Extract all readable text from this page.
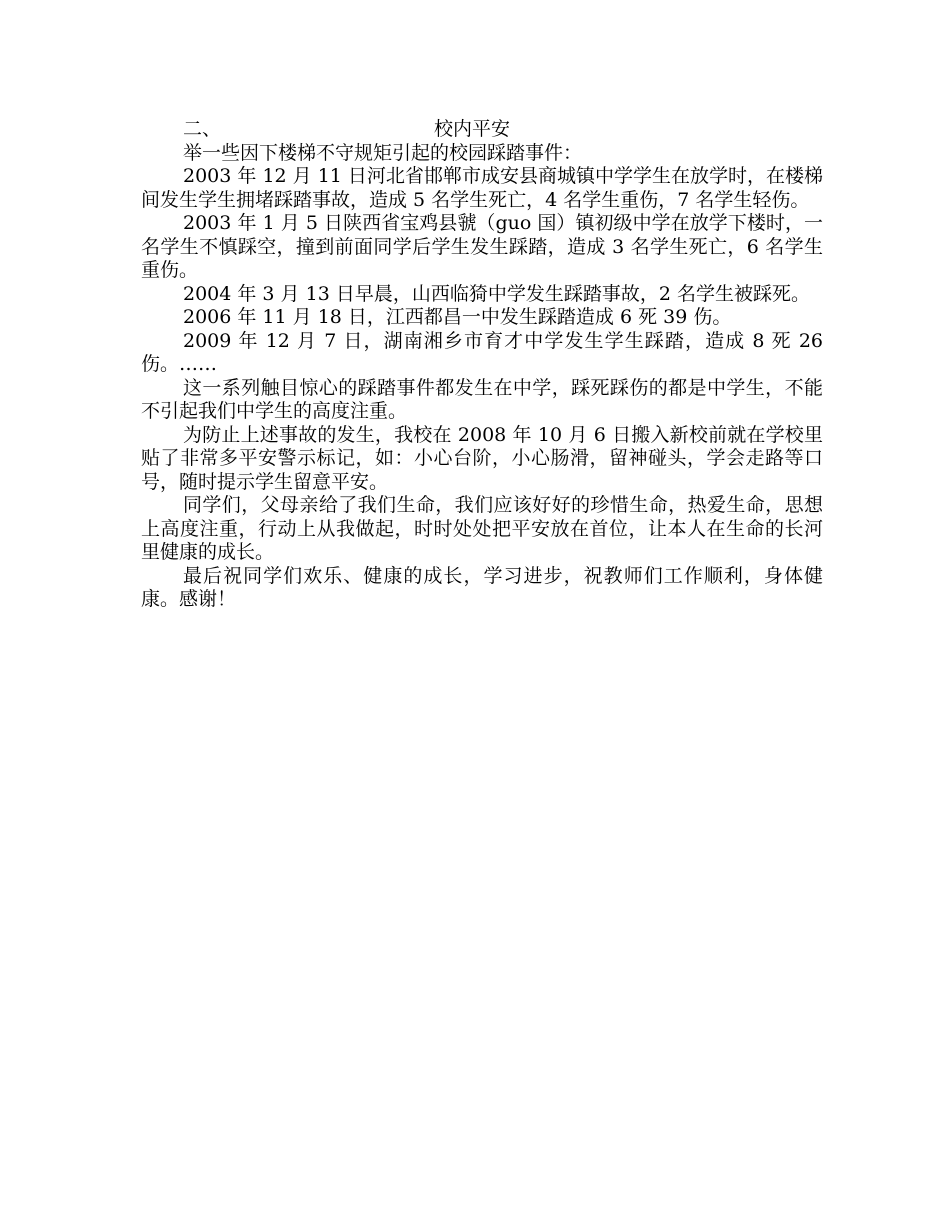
二、	校内平安

举一些因下楼梯不守规矩引起的校园踩踏事件：

2003 年 12 月 11 日河北省邯郸市成安县商城镇中学学生在放学时，在楼梯间发生学生拥堵踩踏事故，造成 5 名学生死亡，4 名学生重伤，7 名学生轻伤。

2003 年 1 月 5 日陕西省宝鸡县虢（guo 国）镇初级中学在放学下楼时，一名学生不慎踩空，撞到前面同学后学生发生踩踏，造成 3 名学生死亡，6 名学生重伤。

2004 年 3 月 13 日早晨，山西临猗中学发生踩踏事故，2 名学生被踩死。

2006 年 11 月 18 日，江西都昌一中发生踩踏造成 6 死 39 伤。

2009 年 12 月 7 日，湖南湘乡市育才中学发生学生踩踏，造成 8 死 26 伤。……

这一系列触目惊心的踩踏事件都发生在中学，踩死踩伤的都是中学生，不能不引起我们中学生的高度注重。

为防止上述事故的发生，我校在 2008 年 10 月 6 日搬入新校前就在学校里贴了非常多平安警示标记，如：小心台阶，小心肠滑，留神碰头，学会走路等口号，随时提示学生留意平安。

同学们，父母亲给了我们生命，我们应该好好的珍惜生命，热爱生命，思想上高度注重，行动上从我做起，时时处处把平安放在首位，让本人在生命的长河里健康的成长。

最后祝同学们欢乐、健康的成长，学习进步，祝教师们工作顺利，身体健康。感谢！
